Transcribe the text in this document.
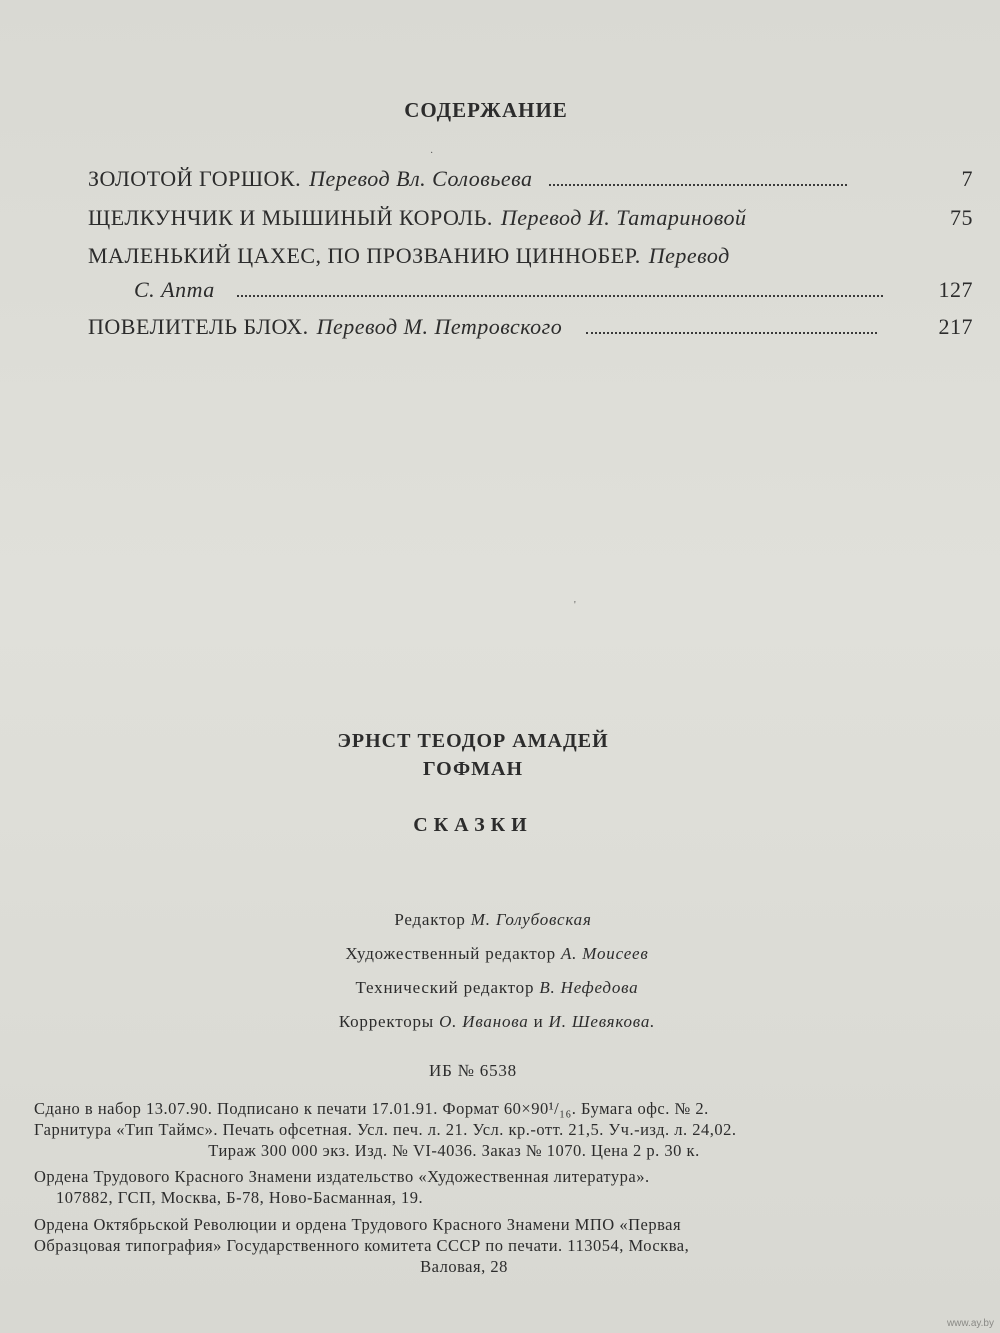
СОДЕРЖАНИЕ
ЗОЛОТОЙ ГОРШОК. Перевод Вл. Соловьева	7
ЩЕЛКУНЧИК И МЫШИНЫЙ КОРОЛЬ. Перевод И. Татариновой	75
МАЛЕНЬКИЙ ЦАХЕС, ПО ПРОЗВАНИЮ ЦИННОБЕР. Перевод
С. Апта	127
ПОВЕЛИТЕЛЬ БЛОХ. Перевод М. Петровского	217
·
'
ЭРНСТ ТЕОДОР АМАДЕЙ
ГОФМАН
СКАЗКИ
Редактор М. Голубовская
Художественный редактор А. Моисеев
Технический редактор В. Нефедова
Корректоры О. Иванова и И. Шевякова.
ИБ № 6538
Сдано в набор 13.07.90. Подписано к печати 17.01.91. Формат 60×90¹/₁₆. Бумага офс. № 2.
Гарнитура «Тип Таймс». Печать офсетная. Усл. печ. л. 21. Усл. кр.-отт. 21,5. Уч.-изд. л. 24,02.
Тираж 300 000 экз. Изд. № VI-4036. Заказ № 1070. Цена 2 р. 30 к.
Ордена Трудового Красного Знамени издательство «Художественная литература».
107882, ГСП, Москва, Б-78, Ново-Басманная, 19.
Ордена Октябрьской Революции и ордена Трудового Красного Знамени МПО «Первая
Образцовая типография» Государственного комитета СССР по печати. 113054, Москва,
Валовая, 28
www.ay.by
